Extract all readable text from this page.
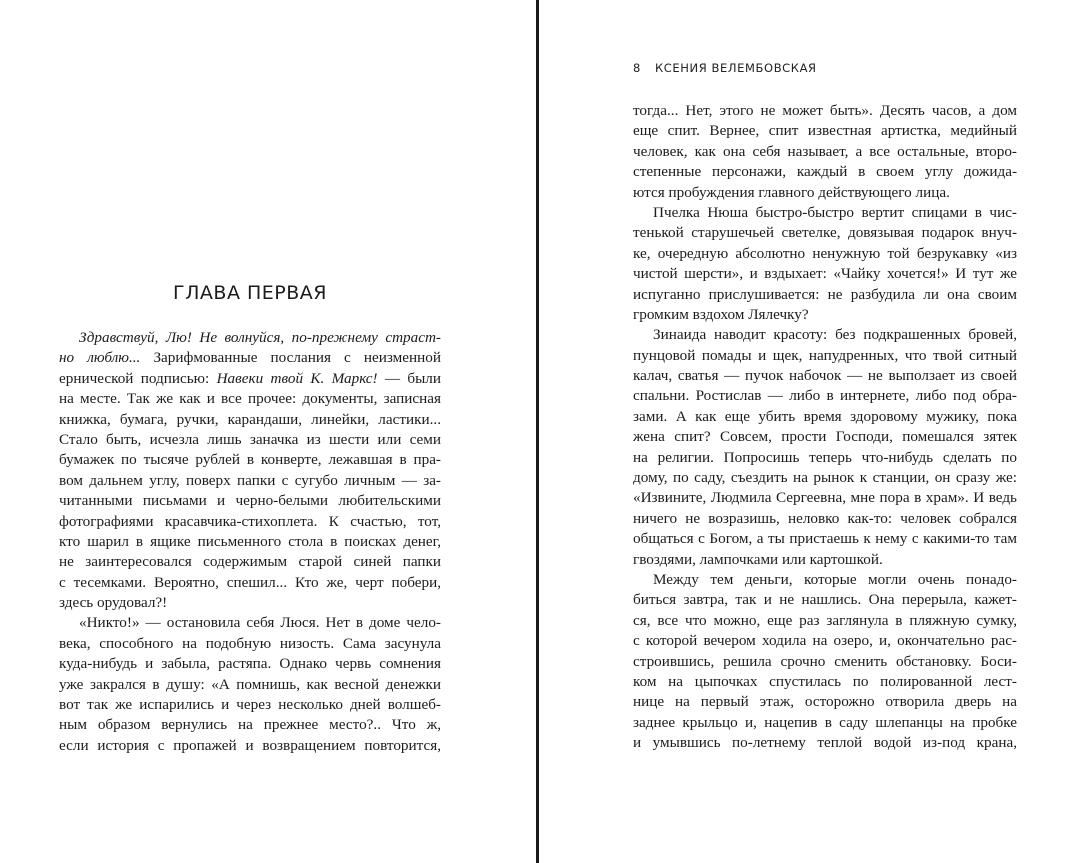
ГЛАВА ПЕРВАЯ
Здравствуй, Лю! Не волнуйся, по-прежнему страст-
но люблю... Зарифмованные послания с неизменной
ернической подписью: Навеки твой К. Маркс! — были
на месте. Так же как и все прочее: документы, записная
книжка, бумага, ручки, карандаши, линейки, ластики...
Стало быть, исчезла лишь заначка из шести или семи
бумажек по тысяче рублей в конверте, лежавшая в пра-
вом дальнем углу, поверх папки с сугубо личным — за-
читанными письмами и черно-белыми любительскими
фотографиями красавчика-стихоплета. К счастью, тот,
кто шарил в ящике письменного стола в поисках денег,
не заинтересовался содержимым старой синей папки
с тесемками. Вероятно, спешил... Кто же, черт побери,
здесь орудовал?!
«Никто!» — остановила себя Люся. Нет в доме чело-
века, способного на подобную низость. Сама засунула
куда-нибудь и забыла, растяпа. Однако червь сомнения
уже закрался в душу: «А помнишь, как весной денежки
вот так же испарились и через несколько дней волшеб-
ным образом вернулись на прежнее место?.. Что ж,
если история с пропажей и возвращением повторится,
8 КСЕНИЯ ВЕЛЕМБОВСКАЯ
тогда... Нет, этого не может быть». Десять часов, а дом
еще спит. Вернее, спит известная артистка, медийный
человек, как она себя называет, а все остальные, второ-
степенные персонажи, каждый в своем углу дожида-
ются пробуждения главного действующего лица.
Пчелка Нюша быстро-быстро вертит спицами в чис-
тенькой старушечьей светелке, довязывая подарок внуч-
ке, очередную абсолютно ненужную той безрукавку «из
чистой шерсти», и вздыхает: «Чайку хочется!» И тут же
испуганно прислушивается: не разбудила ли она своим
громким вздохом Лялечку?
Зинаида наводит красоту: без подкрашенных бровей,
пунцовой помады и щек, напудренных, что твой ситный
калач, сватья — пучок набочок — не выползает из своей
спальни. Ростислав — либо в интернете, либо под обра-
зами. А как еще убить время здоровому мужику, пока
жена спит? Совсем, прости Господи, помешался зятек
на религии. Попросишь теперь что-нибудь сделать по
дому, по саду, съездить на рынок к станции, он сразу же:
«Извините, Людмила Сергеевна, мне пора в храм». И ведь
ничего не возразишь, неловко как-то: человек собрался
общаться с Богом, а ты пристаешь к нему с какими-то там
гвоздями, лампочками или картошкой.
Между тем деньги, которые могли очень понадо-
биться завтра, так и не нашлись. Она перерыла, кажет-
ся, все что можно, еще раз заглянула в пляжную сумку,
с которой вечером ходила на озеро, и, окончательно рас-
строившись, решила срочно сменить обстановку. Боси-
ком на цыпочках спустилась по полированной лест-
нице на первый этаж, осторожно отворила дверь на
заднее крыльцо и, нацепив в саду шлепанцы на пробке
и умывшись по-летнему теплой водой из-под крана,
